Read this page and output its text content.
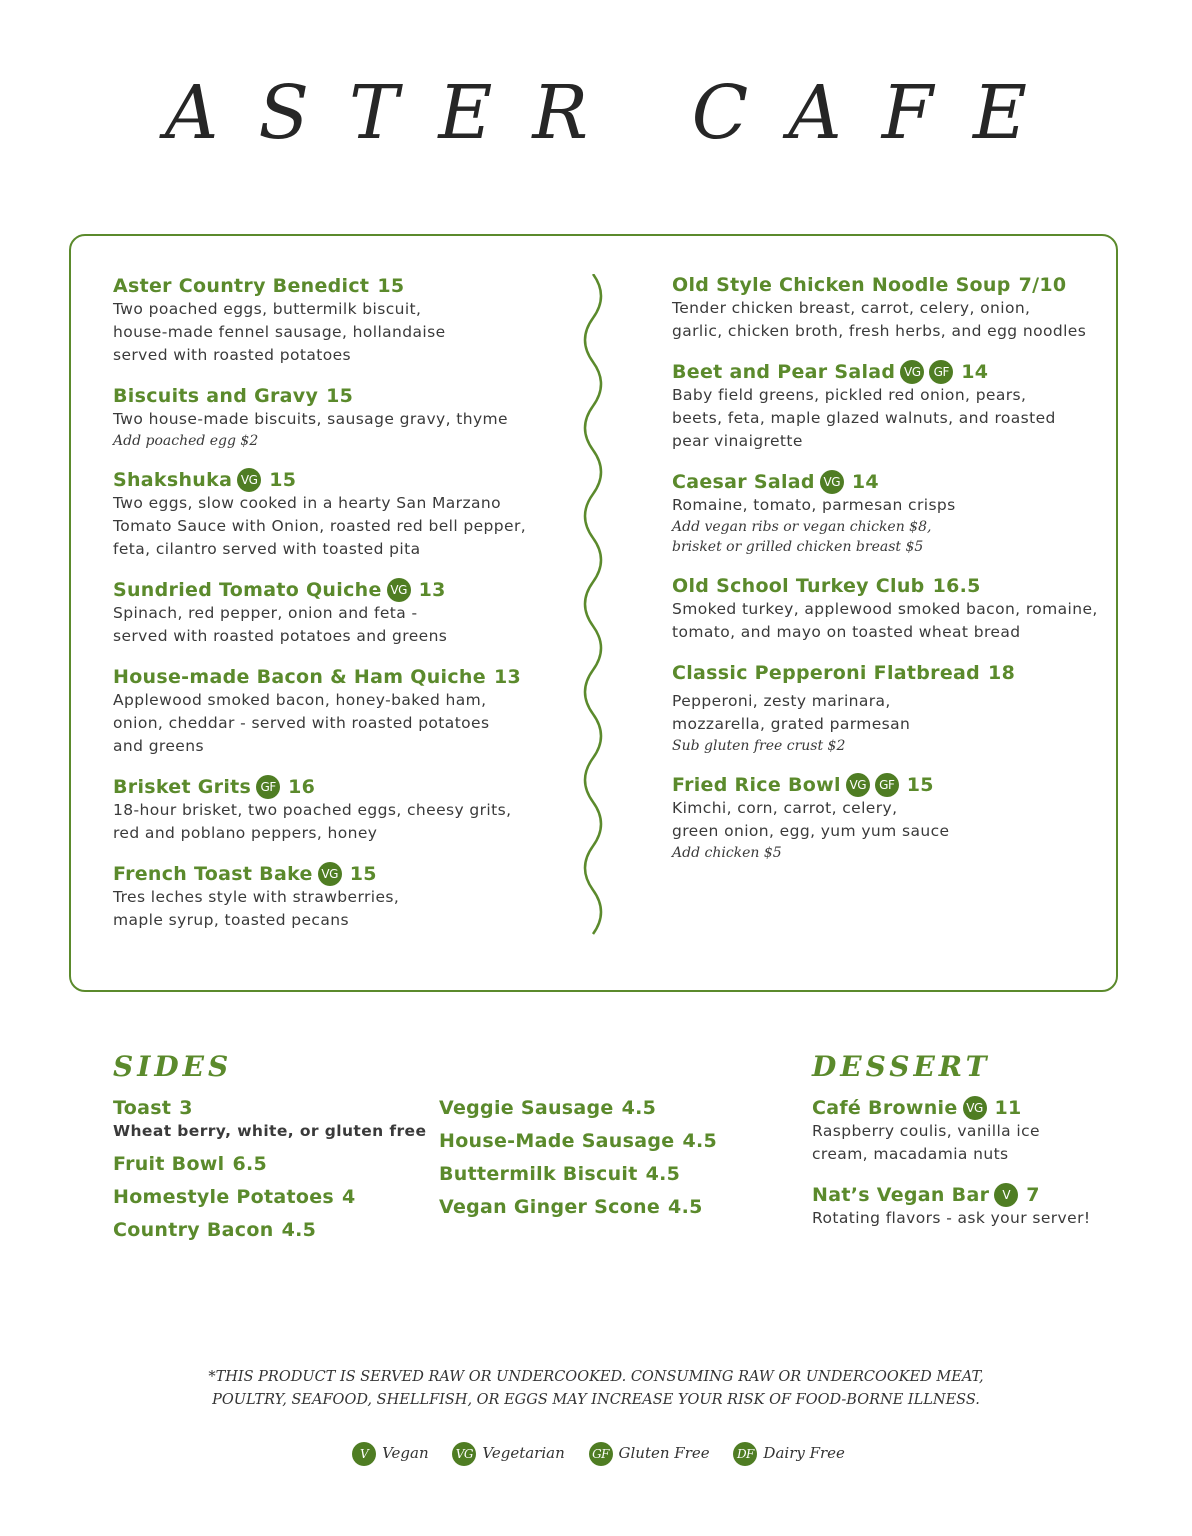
ASTER CAFE
Aster Country Benedict 15
Two poached eggs, buttermilk biscuit,
house-made fennel sausage, hollandaise
served with roasted potatoes
Biscuits and Gravy 15
Two house-made biscuits, sausage gravy, thyme
Add poached egg $2
Shakshuka VG 15
Two eggs, slow cooked in a hearty San Marzano
Tomato Sauce with Onion, roasted red bell pepper,
feta, cilantro served with toasted pita
Sundried Tomato Quiche VG 13
Spinach, red pepper, onion and feta -
served with roasted potatoes and greens
House-made Bacon & Ham Quiche 13
Applewood smoked bacon, honey-baked ham,
onion, cheddar - served with roasted potatoes
and greens
Brisket Grits GF 16
18-hour brisket, two poached eggs, cheesy grits,
red and poblano peppers, honey
French Toast Bake VG 15
Tres leches style with strawberries,
maple syrup, toasted pecans
Old Style Chicken Noodle Soup 7/10
Tender chicken breast, carrot, celery, onion,
garlic, chicken broth, fresh herbs, and egg noodles
Beet and Pear Salad VG GF 14
Baby field greens, pickled red onion, pears,
beets, feta, maple glazed walnuts, and roasted
pear vinaigrette
Caesar Salad VG 14
Romaine, tomato, parmesan crisps
Add vegan ribs or vegan chicken $8,
brisket or grilled chicken breast $5
Old School Turkey Club 16.5
Smoked turkey, applewood smoked bacon, romaine,
tomato, and mayo on toasted wheat bread
Classic Pepperoni Flatbread 18
Pepperoni, zesty marinara,
mozzarella, grated parmesan
Sub gluten free crust $2
Fried Rice Bowl VG GF 15
Kimchi, corn, carrot, celery,
green onion, egg, yum yum sauce
Add chicken $5
SIDES
Toast 3
Wheat berry, white, or gluten free
Fruit Bowl 6.5
Homestyle Potatoes 4
Country Bacon 4.5
Veggie Sausage 4.5
House-Made Sausage 4.5
Buttermilk Biscuit 4.5
Vegan Ginger Scone 4.5
DESSERT
Café Brownie VG 11
Raspberry coulis, vanilla ice
cream, macadamia nuts
Nat’s Vegan Bar V 7
Rotating flavors - ask your server!
*THIS PRODUCT IS SERVED RAW OR UNDERCOOKED. CONSUMING RAW OR UNDERCOOKED MEAT,
POULTRY, SEAFOOD, SHELLFISH, OR EGGS MAY INCREASE YOUR RISK OF FOOD-BORNE ILLNESS.
V Vegan VG Vegetarian GF Gluten Free DF Dairy Free
